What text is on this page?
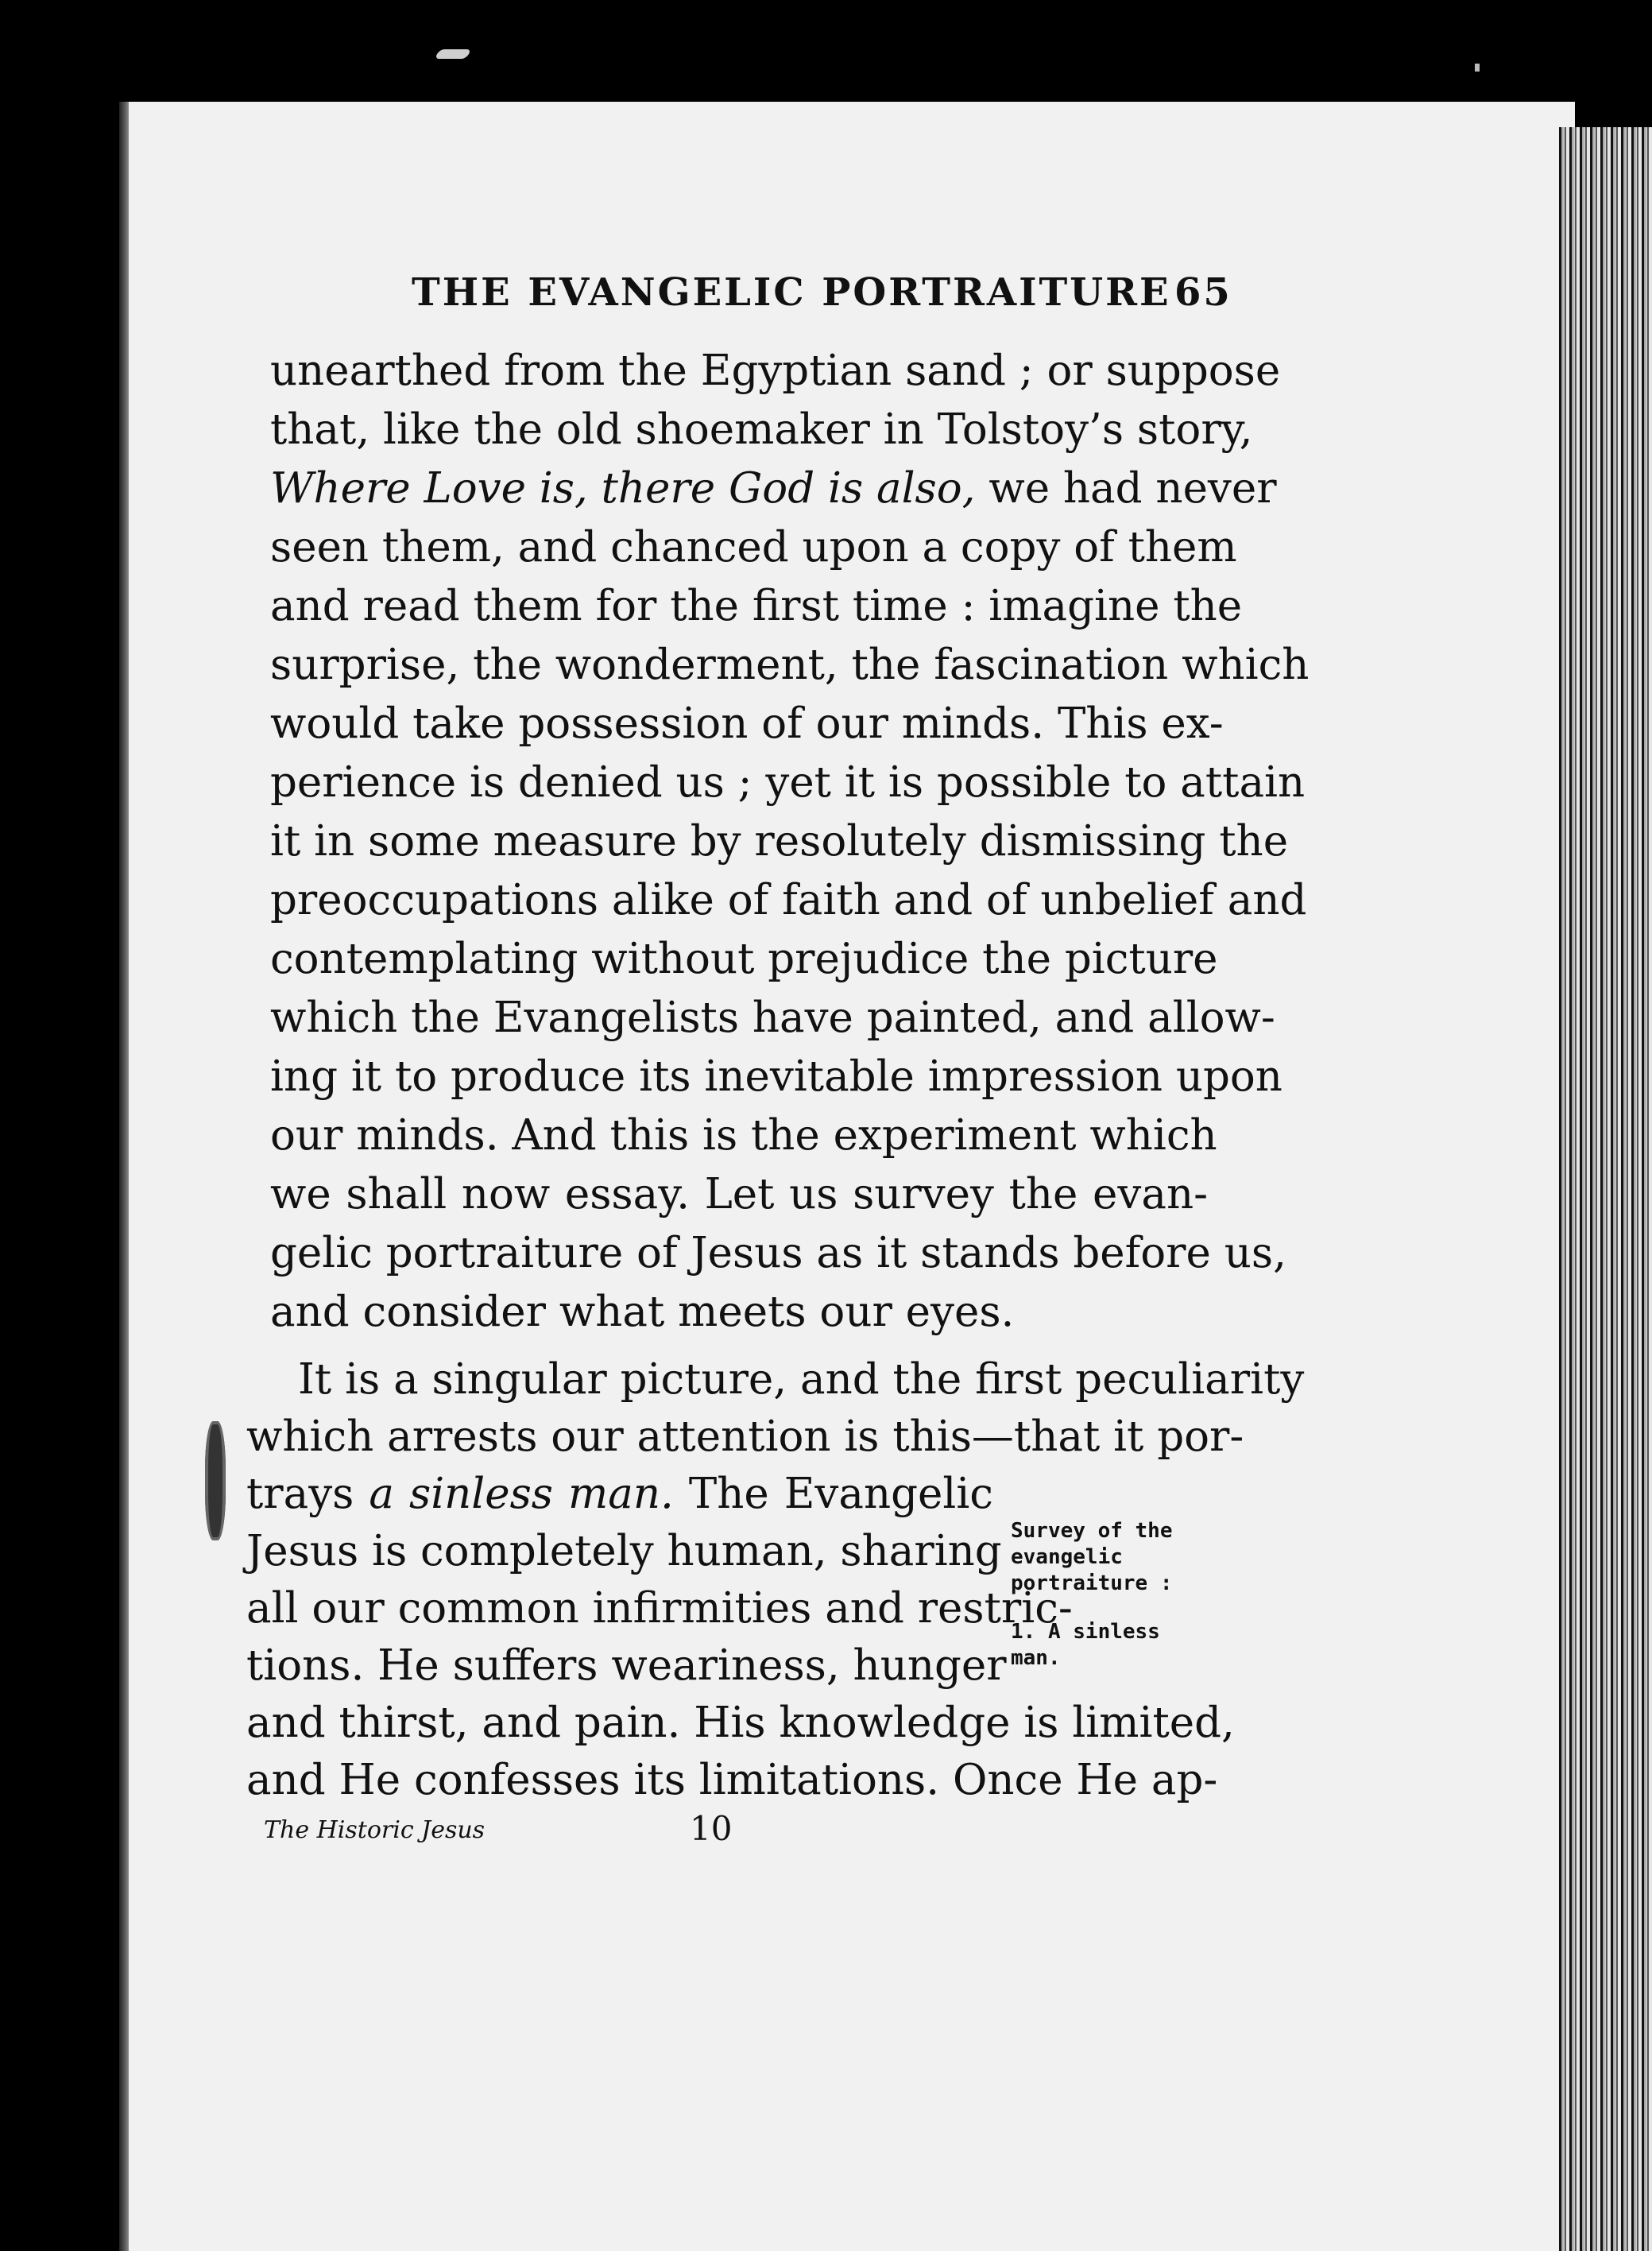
THE EVANGELIC PORTRAITURE 65
unearthed from the Egyptian sand ; or suppose
that, like the old shoemaker in Tolstoy’s story,
Where Love is, there God is also, we had never
seen them, and chanced upon a copy of them
and read them for the first time : imagine the
surprise, the wonderment, the fascination which
would take possession of our minds. This ex-
perience is denied us ; yet it is possible to attain
it in some measure by resolutely dismissing the
preoccupations alike of faith and of unbelief and
contemplating without prejudice the picture
which the Evangelists have painted, and allow-
ing it to produce its inevitable impression upon
our minds. And this is the experiment which
we shall now essay. Let us survey the evan-
gelic portraiture of Jesus as it stands before us,
and consider what meets our eyes.
It is a singular picture, and the first peculiarity
which arrests our attention is this—that it por-
trays a sinless man. The Evangelic
Jesus is completely human, sharing
all our common infirmities and restric-
tions. He suffers weariness, hunger
and thirst, and pain. His knowledge is limited,
and He confesses its limitations. Once He ap-
Survey of the
evangelic
portraiture :
1. A sinless
man.
The Historic Jesus	10
